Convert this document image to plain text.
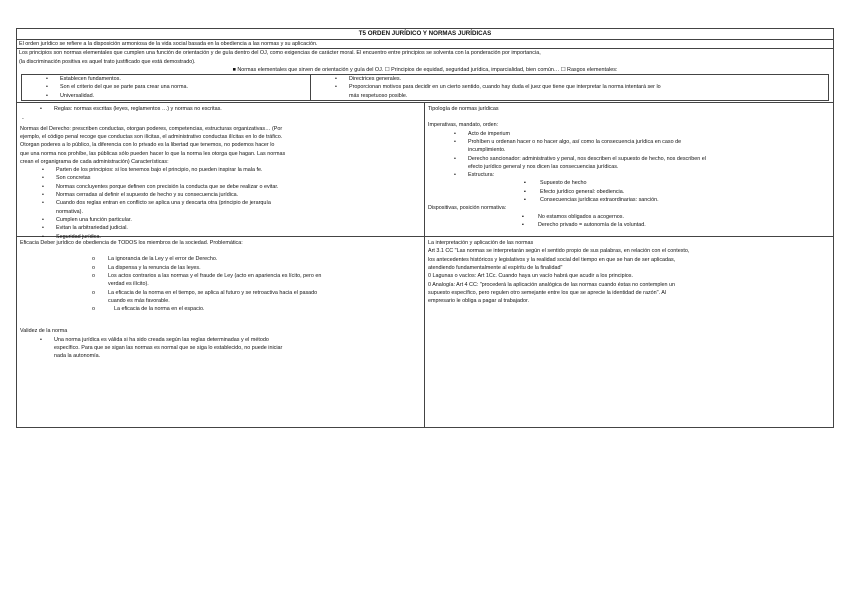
T5 ORDEN JURÍDICO Y NORMAS JURÍDICAS
El orden jurídico se refiere a la disposición armoniosa de la vida social basada en la obediencia a las normas y su aplicación.

Los principios son normas elementales que cumplen una función de orientación y de guía dentro del OJ, como exigencias de carácter moral. El encuentro entre principios se solventa con la ponderación por importancia,

(la discriminación positiva es aquel trato justificado que está demostrado).

■ Normas elementales que sirven de orientación y guía del OJ. ☐ Principios de equidad, seguridad jurídica, imparcialidad, bien común… ☐ Rasgos elementales:

• Establecen fundamentos.
• Son el criterio del que se parte para crear una norma.
• Universalidad.
• Directrices generales.
• Proporcionan motivos para decidir en un cierto sentido, cuando hay duda el juez que tiene que interpretar la norma intentará ser lo
más respetuoso posible.
• Reglas: normas escritas (leyes, reglamentos …) y normas no escritas.

-

Normas del Derecho: prescriben conductas, otorgan poderes, competencias, estructuras organizativas… (Por

ejemplo, el código penal recoge que conductas son ilícitas, el administrativo conductas ilícitas en lo de tráfico.

Otorgan poderes a lo público, la diferencia con lo privado es la libertad que tenemos, no podemos hacer lo

que una norma nos prohíbe, las públicas sólo pueden hacer lo que la norma les otorga que hagan. Las normas

crean el organigrama de cada administración) Características:

• Parten de los principios: si los tenemos bajo el principio, no pueden inspirar la mala fe.
• Son concretas
• Normas concluyentes porque definen con precisión la conducta que se debe realizar o evitar.
• Normas cerradas al definir el supuesto de hecho y su consecuencia jurídica.
• Cuando dos reglas entran en conflicto se aplica una y descarta otra (principio de jerarquía
normativa).
• Cumplen una función particular.
• Evitan la arbitrariedad judicial.
• Seguridad jurídica.

Tipología de normas jurídicas

Imperativas, mandato, orden:

• Acto de imperium
• Prohíben u ordenan hacer o no hacer algo, así como la consecuencia jurídica en caso de
incumplimiento.
• Derecho sancionador: administrativo y penal, nos describen el supuesto de hecho, nos describen el
efecto jurídico general y nos dicen las consecuencias jurídicas.
• Estructura:
▪ Supuesto de hecho
▪ Efecto jurídico general: obediencia.
▪ Consecuencias jurídicas extraordinarias: sanción.

Dispositivas, posición normativa:

▪ No estamos obligados a acogernos.
▪ Derecho privado = autonomía de la voluntad.

Eficacia Deber jurídico de obediencia de TODOS los miembros de la sociedad. Problemática:

o La ignorancia de la Ley y el error de Derecho.
o La dispensa y la renuncia de las leyes.
o Los actos contrarios a las normas y el fraude de Ley (acto en apariencia es lícito, pero en
verdad es ilícito).
o La eficacia de la norma en el tiempo, se aplica al futuro y se retroactiva hacia el pasado
cuando es más favorable.
o La eficacia de la norma en el espacio.

Validez de la norma

• Una norma jurídica es válida si ha sido creada según las reglas determinadas y el método
específico. Para que se sigan las normas es normal que se siga lo establecido, no puede iniciar
nada la autonomía.

La interpretación y aplicación de las normas

Art 3.1 CC "Las normas se interpretarán según el sentido propio de sus palabras, en relación con el contexto,

los antecedentes históricos y legislativos y la realidad social del tiempo en que se han de ser aplicadas,

atendiendo fundamentalmente al espíritu de la finalidad"

0 Lagunas o vacíos: Art 1Cc. Cuando haya un vacío habrá que acudir a los principios.

0 Analogía: Art 4 CC: "procederá la aplicación analógica de las normas cuando éstas no contemplen un

supuesto específico, pero regulen otro semejante entre los que se aprecie la identidad de razón". Al

empresario le obliga a pagar al trabajador.
